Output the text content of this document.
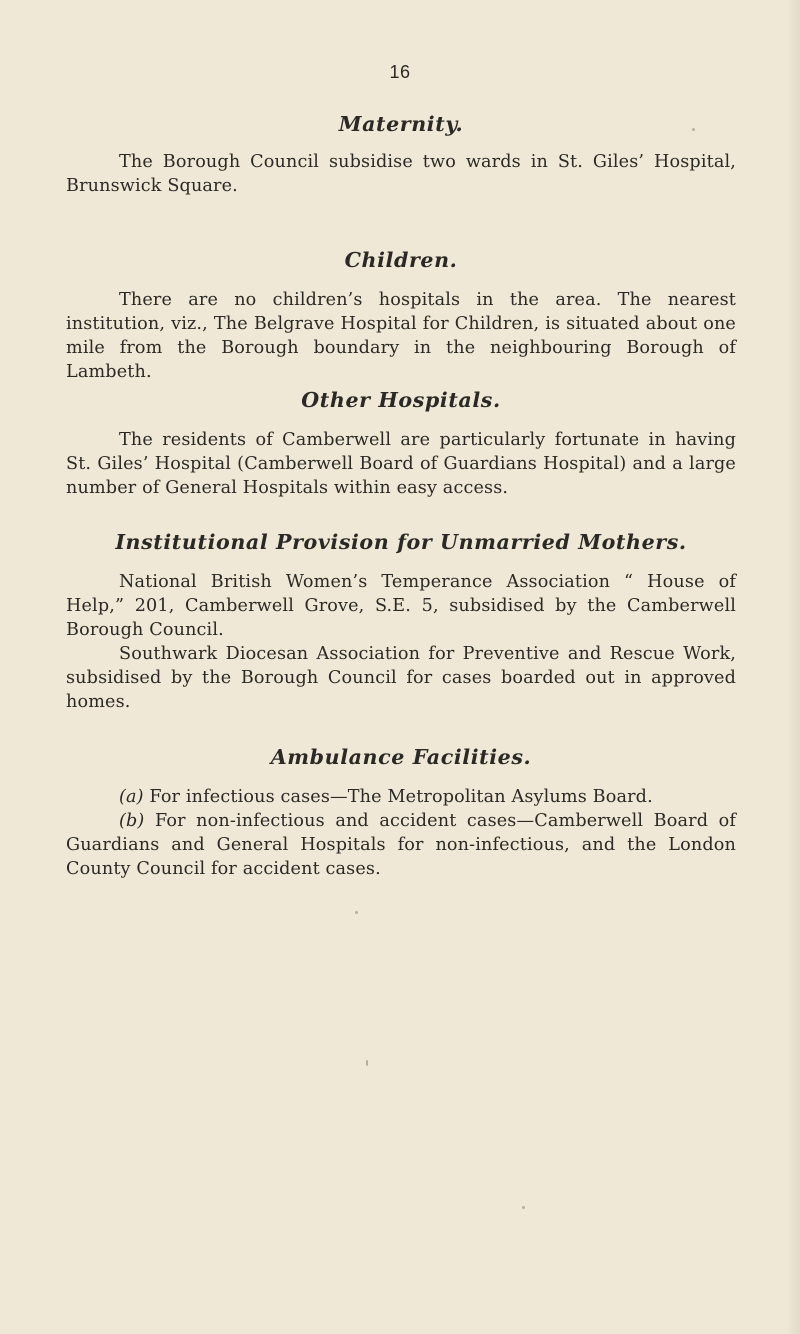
16
Maternity.

The Borough Council subsidise two wards in St. Giles’ Hospital, Brunswick Square.

Children.

There are no children’s hospitals in the area. The nearest institution, viz., The Belgrave Hospital for Children, is situated about one mile from the Borough boundary in the neighbouring Borough of Lambeth.

Other Hospitals.

The residents of Camberwell are particularly fortunate in having St. Giles’ Hospital (Camberwell Board of Guardians Hospital) and a large number of General Hospitals within easy access.

Institutional Provision for Unmarried Mothers.

National British Women’s Temperance Association “ House of Help,” 201, Camberwell Grove, S.E. 5, subsidised by the Camberwell Borough Council.

Southwark Diocesan Association for Preventive and Rescue Work, subsidised by the Borough Council for cases boarded out in approved homes.

Ambulance Facilities.

(a) For infectious cases—The Metropolitan Asylums Board.

(b) For non-infectious and accident cases—Camberwell Board of Guardians and General Hospitals for non-infectious, and the London County Council for accident cases.
